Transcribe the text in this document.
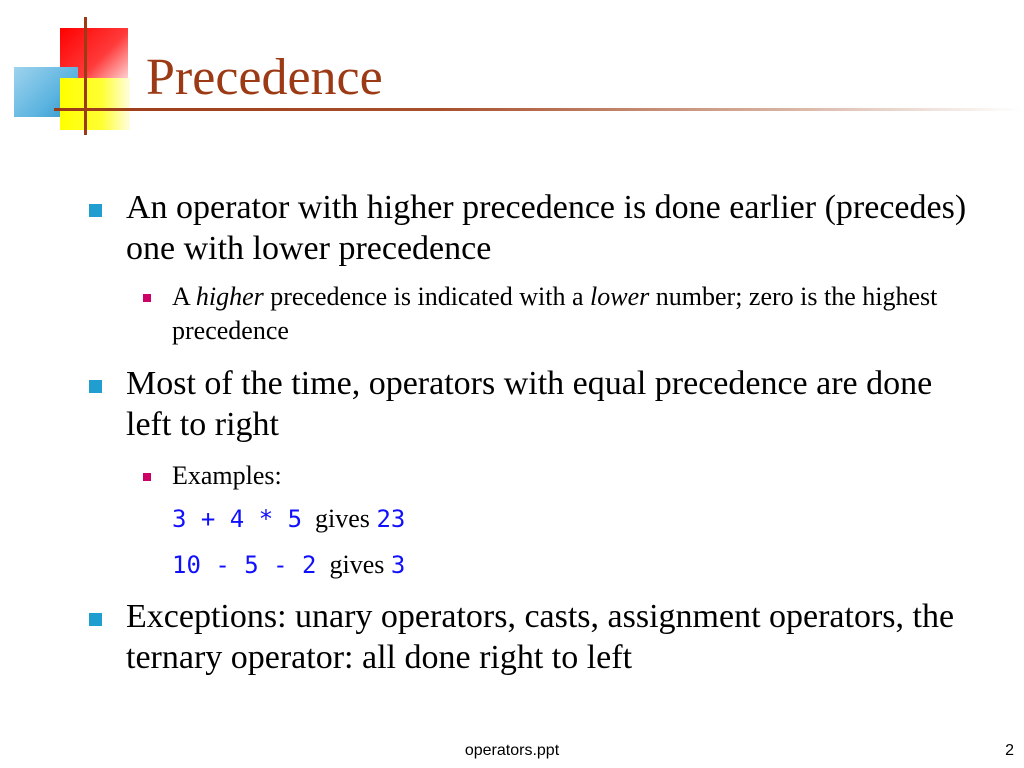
Precedence
An operator with higher precedence is done earlier (precedes) one with lower precedence
A higher precedence is indicated with a lower number; zero is the highest precedence
Most of the time, operators with equal precedence are done left to right
Examples:
3 + 4 * 5 gives 23
10 - 5 - 2 gives 3
Exceptions: unary operators, casts, assignment operators, the ternary operator: all done right to left
operators.ppt	2
